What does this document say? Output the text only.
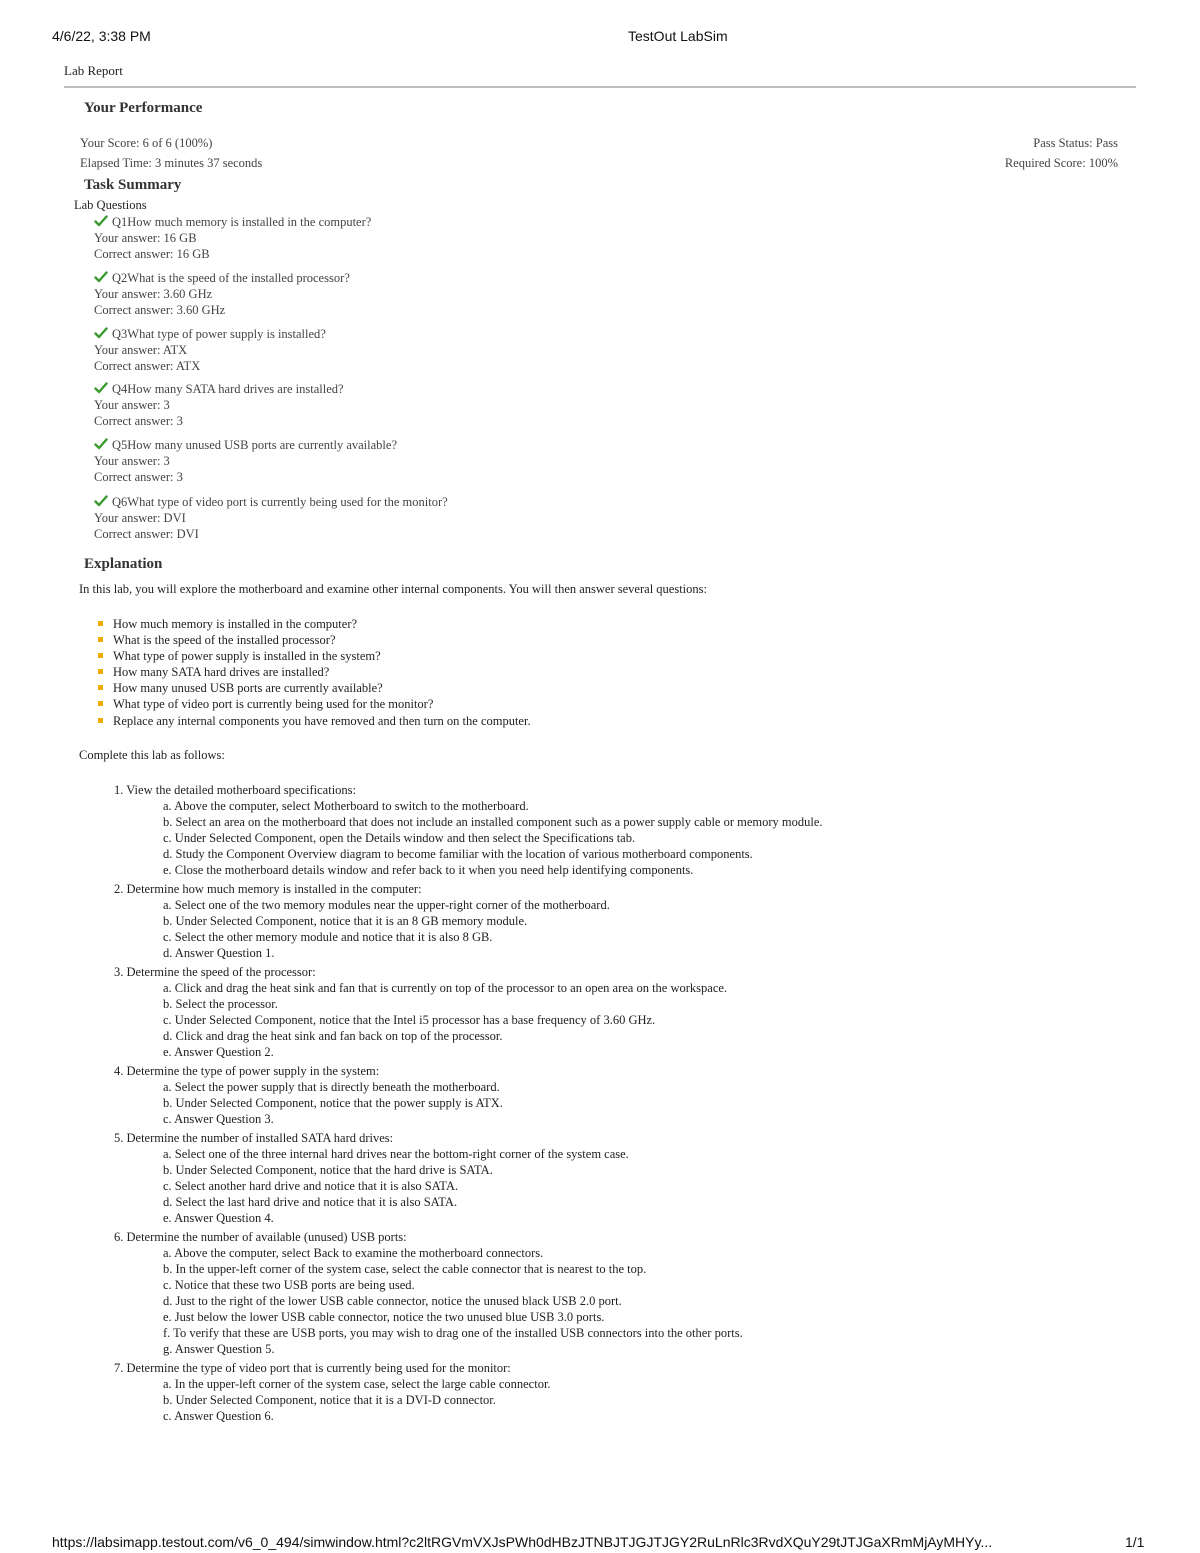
4/6/22, 3:38 PM	TestOut LabSim
Lab Report
Your Performance
Your Score: 6 of 6 (100%)
Elapsed Time: 3 minutes 37 seconds
Pass Status: Pass
Required Score: 100%
Task Summary
Lab Questions
Q1How much memory is installed in the computer?
Your answer: 16 GB
Correct answer: 16 GB
Q2What is the speed of the installed processor?
Your answer: 3.60 GHz
Correct answer: 3.60 GHz
Q3What type of power supply is installed?
Your answer: ATX
Correct answer: ATX
Q4How many SATA hard drives are installed?
Your answer: 3
Correct answer: 3
Q5How many unused USB ports are currently available?
Your answer: 3
Correct answer: 3
Q6What type of video port is currently being used for the monitor?
Your answer: DVI
Correct answer: DVI
Explanation
In this lab, you will explore the motherboard and examine other internal components. You will then answer several questions:
How much memory is installed in the computer?
What is the speed of the installed processor?
What type of power supply is installed in the system?
How many SATA hard drives are installed?
How many unused USB ports are currently available?
What type of video port is currently being used for the monitor?
Replace any internal components you have removed and then turn on the computer.
Complete this lab as follows:
1. View the detailed motherboard specifications:
a. Above the computer, select Motherboard to switch to the motherboard.
b. Select an area on the motherboard that does not include an installed component such as a power supply cable or memory module.
c. Under Selected Component, open the Details window and then select the Specifications tab.
d. Study the Component Overview diagram to become familiar with the location of various motherboard components.
e. Close the motherboard details window and refer back to it when you need help identifying components.
2. Determine how much memory is installed in the computer:
a. Select one of the two memory modules near the upper-right corner of the motherboard.
b. Under Selected Component, notice that it is an 8 GB memory module.
c. Select the other memory module and notice that it is also 8 GB.
d. Answer Question 1.
3. Determine the speed of the processor:
a. Click and drag the heat sink and fan that is currently on top of the processor to an open area on the workspace.
b. Select the processor.
c. Under Selected Component, notice that the Intel i5 processor has a base frequency of 3.60 GHz.
d. Click and drag the heat sink and fan back on top of the processor.
e. Answer Question 2.
4. Determine the type of power supply in the system:
a. Select the power supply that is directly beneath the motherboard.
b. Under Selected Component, notice that the power supply is ATX.
c. Answer Question 3.
5. Determine the number of installed SATA hard drives:
a. Select one of the three internal hard drives near the bottom-right corner of the system case.
b. Under Selected Component, notice that the hard drive is SATA.
c. Select another hard drive and notice that it is also SATA.
d. Select the last hard drive and notice that it is also SATA.
e. Answer Question 4.
6. Determine the number of available (unused) USB ports:
a. Above the computer, select Back to examine the motherboard connectors.
b. In the upper-left corner of the system case, select the cable connector that is nearest to the top.
c. Notice that these two USB ports are being used.
d. Just to the right of the lower USB cable connector, notice the unused black USB 2.0 port.
e. Just below the lower USB cable connector, notice the two unused blue USB 3.0 ports.
f. To verify that these are USB ports, you may wish to drag one of the installed USB connectors into the other ports.
g. Answer Question 5.
7. Determine the type of video port that is currently being used for the monitor:
a. In the upper-left corner of the system case, select the large cable connector.
b. Under Selected Component, notice that it is a DVI-D connector.
c. Answer Question 6.
https://labsimapp.testout.com/v6_0_494/simwindow.html?c2ltRGVmVXJsPWh0dHBzJTNBJTJGJTJGY2RuLnRlc3RvdXQuY29tJTJGaXRmMjAyMHYy...	1/1
